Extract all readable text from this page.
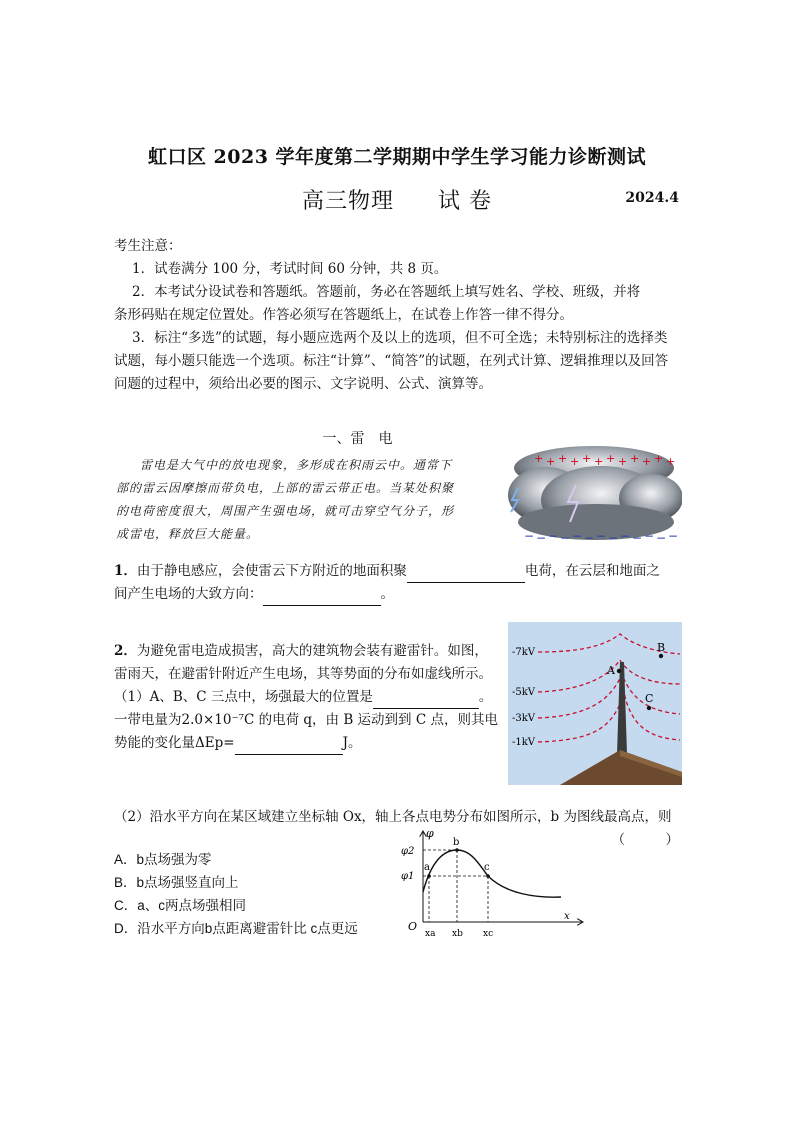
虹口区 2023 学年度第二学期期中学生学习能力诊断测试
高三物理 试 卷	2024.4
考生注意：
1．试卷满分 100 分，考试时间 60 分钟，共 8 页。
2．本考试分设试卷和答题纸。答题前，务必在答题纸上填写姓名、学校、班级，并将
条形码贴在规定位置处。作答必须写在答题纸上，在试卷上作答一律不得分。
3．标注“多选”的试题，每小题应选两个及以上的选项，但不可全选；未特别标注的选择类
试题，每小题只能选一个选项。标注“计算”、“简答”的试题，在列式计算、逻辑推理以及回答
问题的过程中，须给出必要的图示、文字说明、公式、演算等。
一、雷　电
雷电是大气中的放电现象，多形成在积雨云中。通常下
部的雷云因摩擦而带负电，上部的雷云带正电。当某处积聚
的电荷密度很大，周围产生强电场，就可击穿空气分子，形
成雷电，释放巨大能量。
+ + + + + + + + + + + +
− − − − − − − − − − − − −
1．由于静电感应，会使雷云下方附近的地面积聚	电荷，在云层和地面之
间产生电场的大致方向：	。
2．为避免雷电造成损害，高大的建筑物会装有避雷针。如图，
雷雨天，在避雷针附近产生电场，其等势面的分布如虚线所示。
（1）A、B、C 三点中，场强最大的位置是	。
一带电量为2.0×10⁻⁷C 的电荷 q，由 B 运动到到 C 点，则其电
势能的变化量ΔEp=	J。
-7kV
-5kV
-3kV
-1kV
A
B
C
（2）沿水平方向在某区域建立坐标轴 Ox，轴上各点电势分布如图所示，b 为图线最高点，则
（　　　）
A．b点场强为零
B．b点场强竖直向上
C．a、c两点场强相同
D．沿水平方向b点距离避雷针比 c点更远
φ
φ2
φ1
a
b
c
x
O
xa xb xc
